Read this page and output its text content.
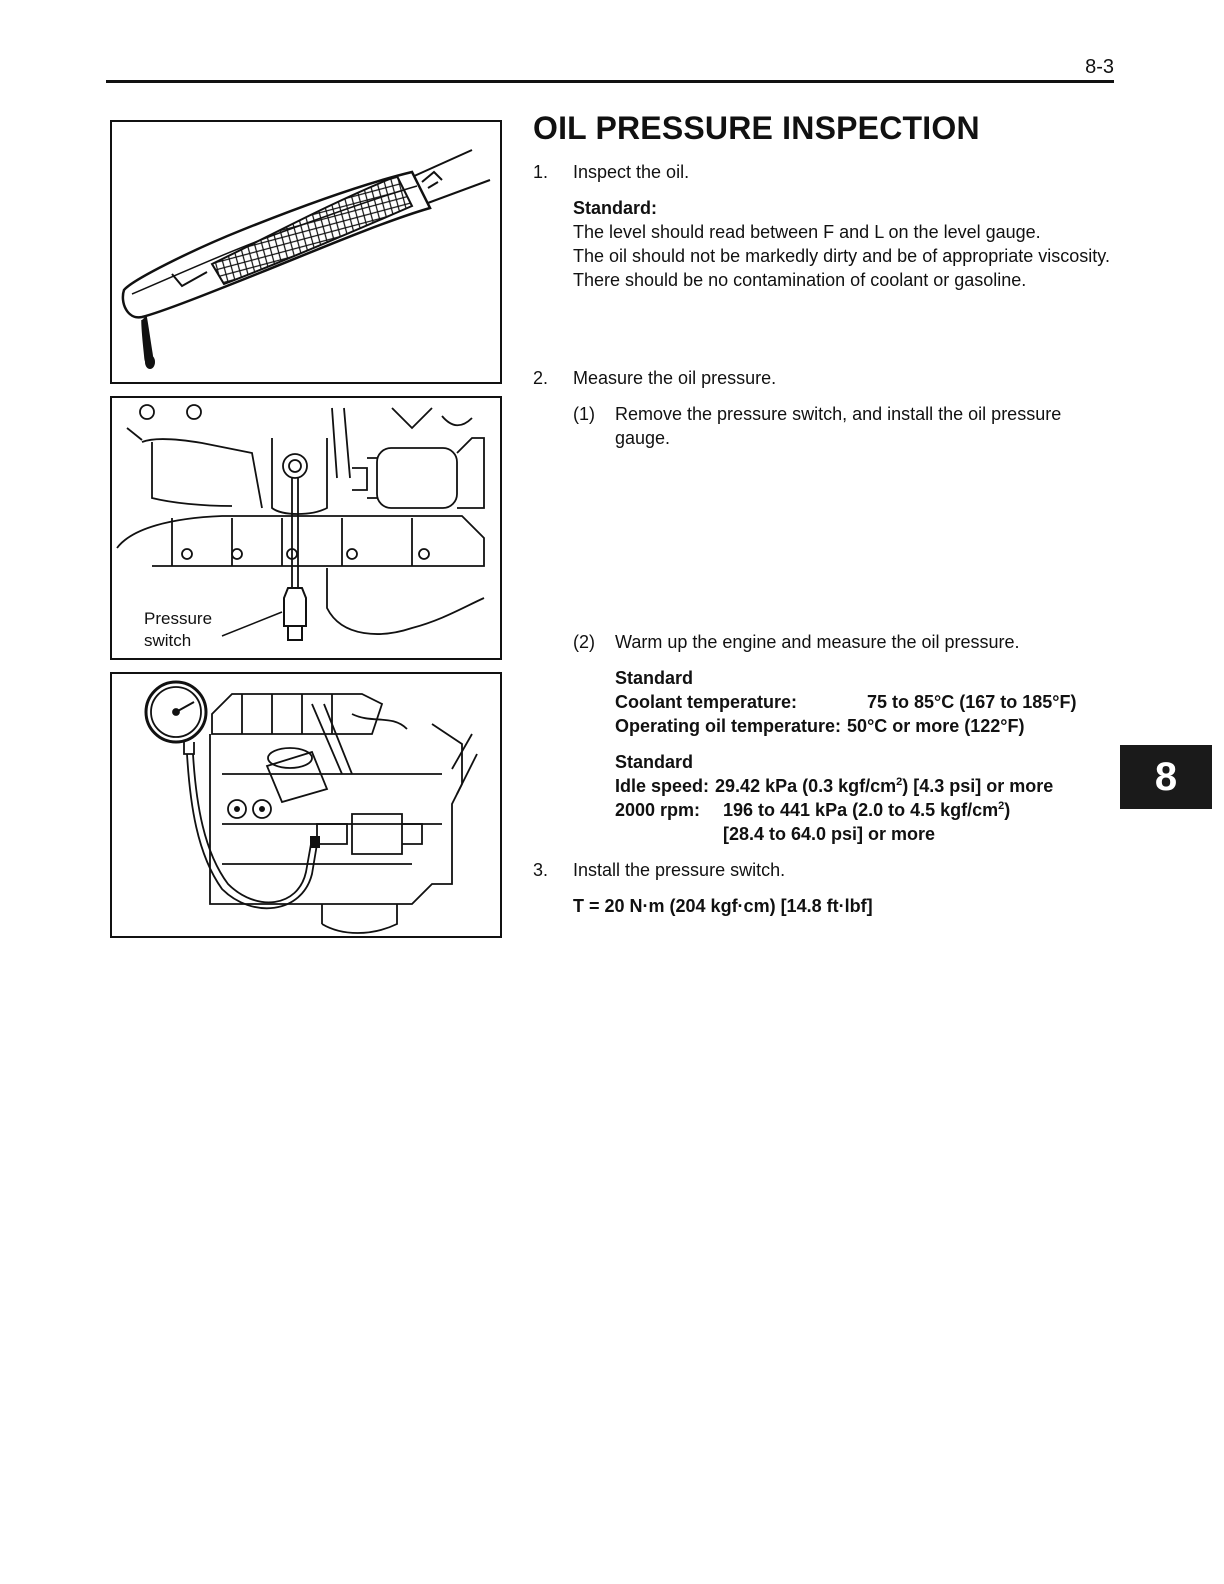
8-3
Pressure
switch
OIL PRESSURE INSPECTION
1. Inspect the oil.
Standard:
The level should read between F and L on the level gauge.
The oil should not be markedly dirty and be of appropriate viscosity.
There should be no contamination of coolant or gasoline.
2. Measure the oil pressure.
(1) Remove the pressure switch, and install the oil pressure gauge.
(2) Warm up the engine and measure the oil pressure.
Standard
Coolant temperature:	75 to 85°C (167 to 185°F)
Operating oil temperature: 50°C or more (122°F)
Standard
Idle speed: 29.42 kPa (0.3 kgf/$cm^2$) [4.3 psi] or more
2000 rpm:	196 to 441 kPa (2.0 to 4.5 kgf/$cm^2$)
[28.4 to 64.0 psi] or more
3. Install the pressure switch.
T = 20 N·m (204 kgf·cm) [14.8 ft·lbf]
8
